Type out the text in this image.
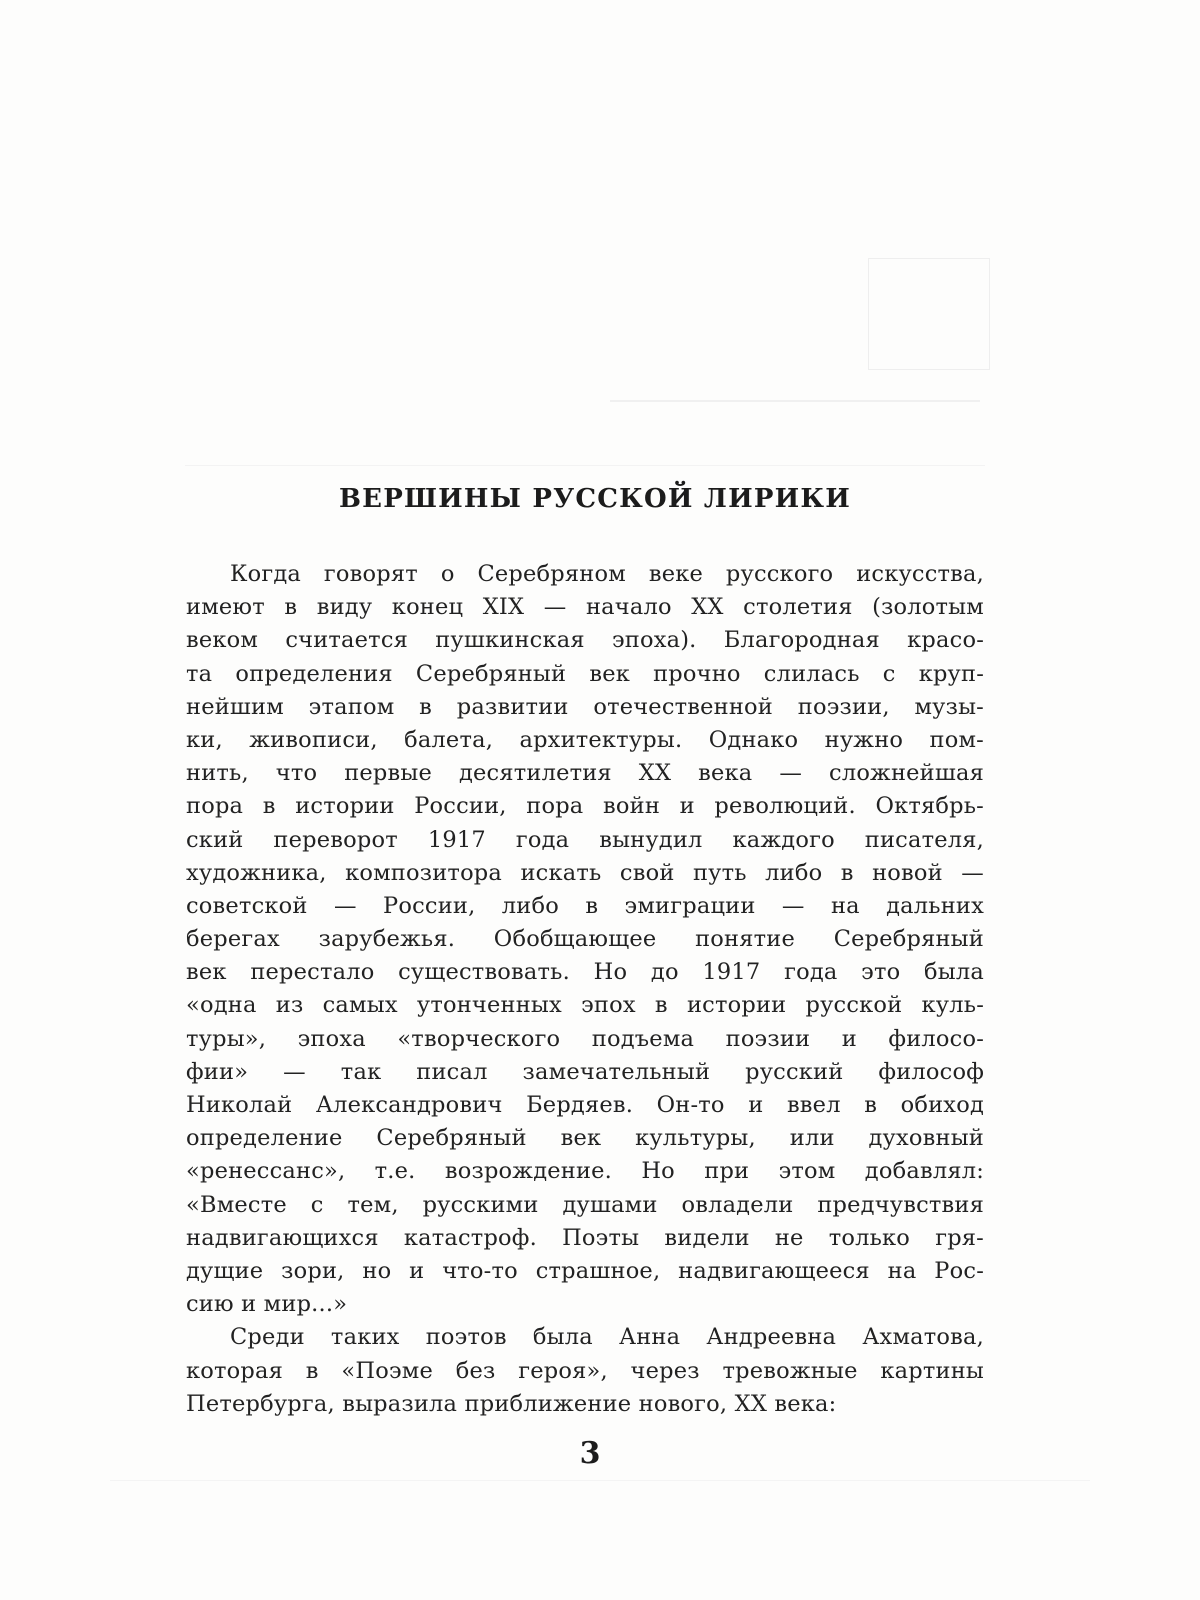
ВЕРШИНЫ РУССКОЙ ЛИРИКИ
Когда говорят о Серебряном веке русского искусства,
имеют в виду конец XIX — начало XX столетия (золотым
веком считается пушкинская эпоха). Благородная красо-
та определения Серебряный век прочно слилась с круп-
нейшим этапом в развитии отечественной поэзии, музы-
ки, живописи, балета, архитектуры. Однако нужно пом-
нить, что первые десятилетия XX века — сложнейшая
пора в истории России, пора войн и революций. Октябрь-
ский переворот 1917 года вынудил каждого писателя,
художника, композитора искать свой путь либо в новой —
советской — России, либо в эмиграции — на дальних
берегах зарубежья. Обобщающее понятие Серебряный
век перестало существовать. Но до 1917 года это была
«одна из самых утонченных эпох в истории русской куль-
туры», эпоха «творческого подъема поэзии и филосо-
фии» — так писал замечательный русский философ
Николай Александрович Бердяев. Он-то и ввел в обиход
определение Серебряный век культуры, или духовный
«ренессанс», т.е. возрождение. Но при этом добавлял:
«Вместе с тем, русскими душами овладели предчувствия
надвигающихся катастроф. Поэты видели не только гря-
дущие зори, но и что-то страшное, надвигающееся на Рос-
сию и мир...»
Среди таких поэтов была Анна Андреевна Ахматова,
которая в «Поэме без героя», через тревожные картины
Петербурга, выразила приближение нового, XX века:
3
